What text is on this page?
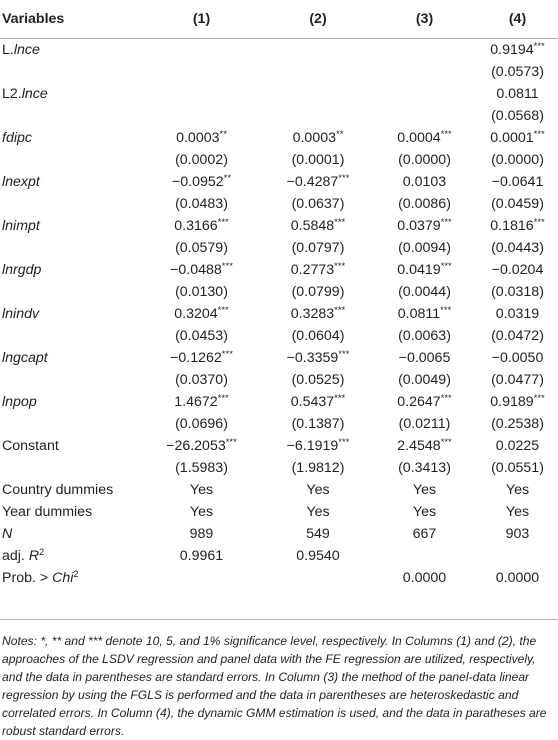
Variables	(1)	(2)	(3)	(4)
L.lnce				0.9194***
				(0.0573)
L2.lnce				0.0811
				(0.0568)
fdipc	0.0003**	0.0003**	0.0004***	0.0001***
	(0.0002)	(0.0001)	(0.0000)	(0.0000)
lnexpt	−0.0952**	−0.4287***	0.0103	−0.0641
	(0.0483)	(0.0637)	(0.0086)	(0.0459)
lnimpt	0.3166***	0.5848***	0.0379***	0.1816***
	(0.0579)	(0.0797)	(0.0094)	(0.0443)
lnrgdp	−0.0488***	0.2773***	0.0419***	−0.0204
	(0.0130)	(0.0799)	(0.0044)	(0.0318)
lnindv	0.3204***	0.3283***	0.0811***	0.0319
	(0.0453)	(0.0604)	(0.0063)	(0.0472)
lngcapt	−0.1262***	−0.3359***	−0.0065	−0.0050
	(0.0370)	(0.0525)	(0.0049)	(0.0477)
lnpop	1.4672***	0.5437***	0.2647***	0.9189***
	(0.0696)	(0.1387)	(0.0211)	(0.2538)
Constant	−26.2053***	−6.1919***	2.4548***	0.0225
	(1.5983)	(1.9812)	(0.3413)	(0.0551)
Country dummies	Yes	Yes	Yes	Yes
Year dummies	Yes	Yes	Yes	Yes
N	989	549	667	903
adj. $R^2$	0.9961	0.9540		
Prob. > Chi$^2$			0.0000	0.0000
Notes: *, ** and *** denote 10, 5, and 1% significance level, respectively. In Columns (1) and (2), the approaches of the LSDV regression and panel data with the FE regression are utilized, respectively, and the data in parentheses are standard errors. In Column (3) the method of the panel-data linear regression by using the FGLS is performed and the data in parentheses are heteroskedastic and correlated errors. In Column (4), the dynamic GMM estimation is used, and the data in paratheses are robust standard errors.
